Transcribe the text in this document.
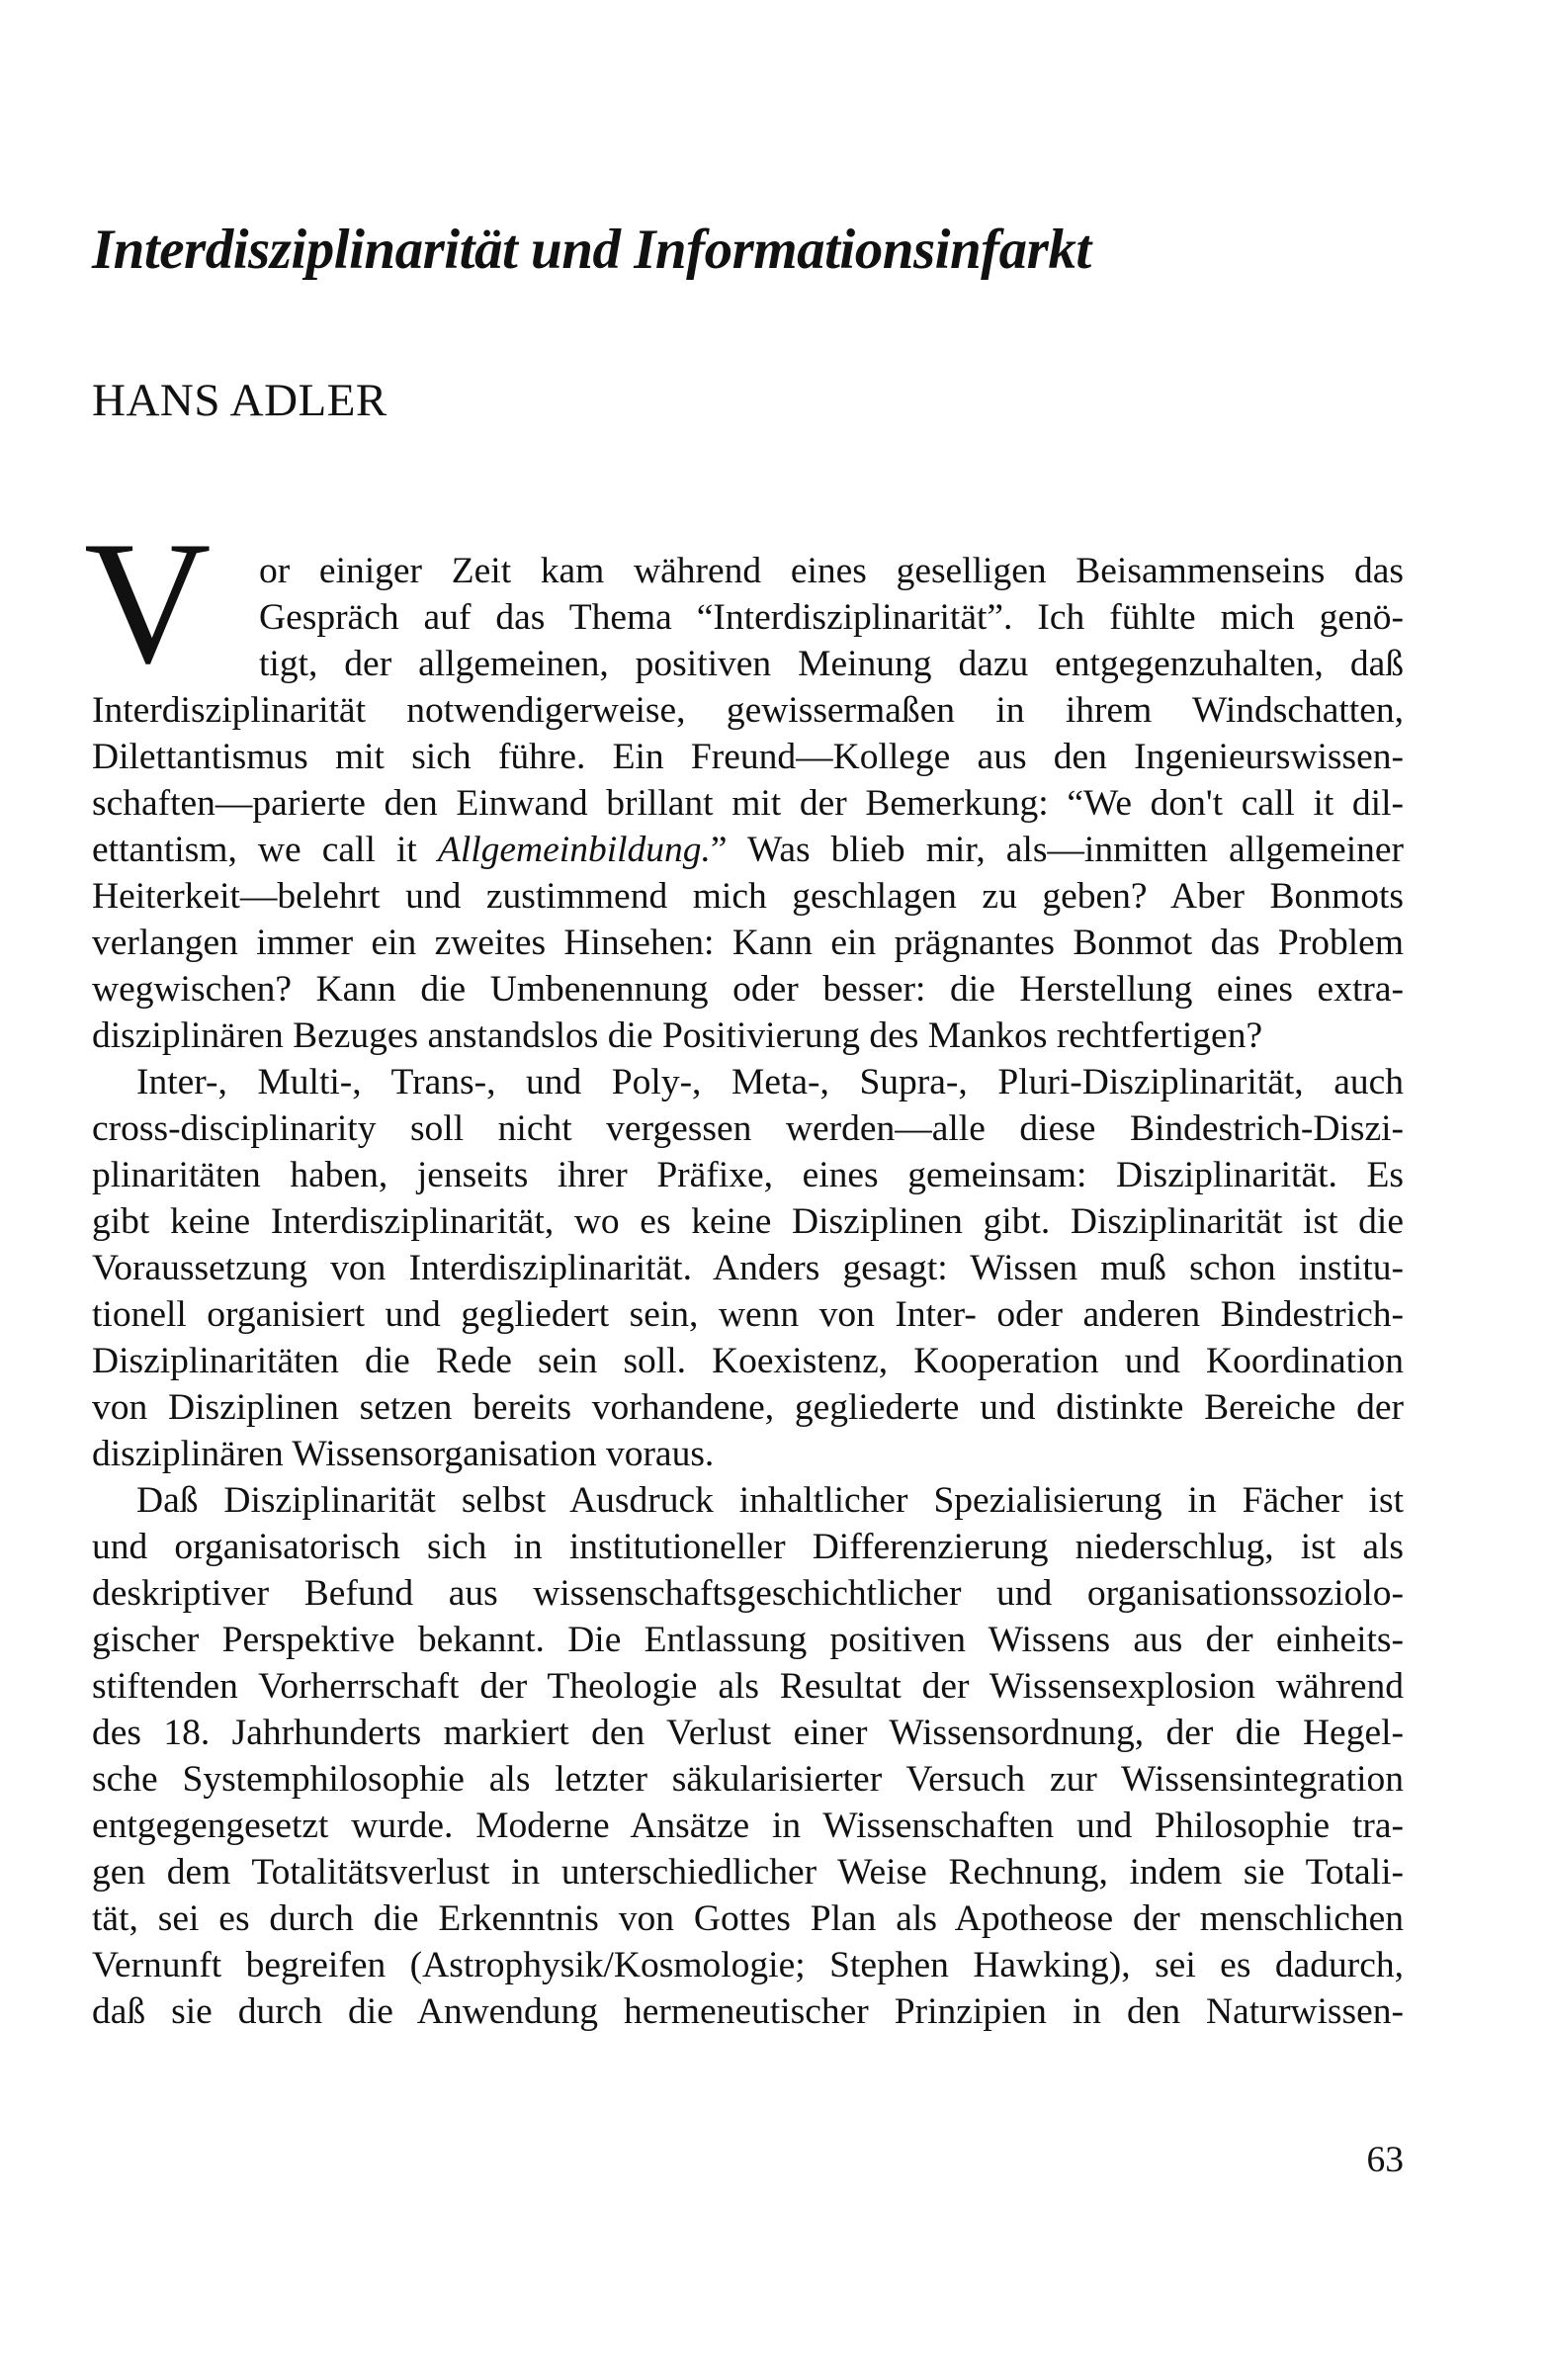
Interdisziplinarität und Informationsinfarkt
HANS ADLER
V or einiger Zeit kam während eines geselligen Beisammenseins das
Gespräch auf das Thema “Interdisziplinarität”. Ich fühlte mich genö-
tigt, der allgemeinen, positiven Meinung dazu entgegenzuhalten, daß
Interdisziplinarität notwendigerweise, gewissermaßen in ihrem Windschatten,
Dilettantismus mit sich führe. Ein Freund—Kollege aus den Ingenieurswissen-
schaften—parierte den Einwand brillant mit der Bemerkung: “We don't call it dil-
ettantism, we call it Allgemeinbildung.” Was blieb mir, als—inmitten allgemeiner
Heiterkeit—belehrt und zustimmend mich geschlagen zu geben? Aber Bonmots
verlangen immer ein zweites Hinsehen: Kann ein prägnantes Bonmot das Problem
wegwischen? Kann die Umbenennung oder besser: die Herstellung eines extra-
disziplinären Bezuges anstandslos die Positivierung des Mankos rechtfertigen?
Inter-, Multi-, Trans-, und Poly-, Meta-, Supra-, Pluri-Disziplinarität, auch
cross-disciplinarity soll nicht vergessen werden—alle diese Bindestrich-Diszi-
plinaritäten haben, jenseits ihrer Präfixe, eines gemeinsam: Disziplinarität. Es
gibt keine Interdisziplinarität, wo es keine Disziplinen gibt. Disziplinarität ist die
Voraussetzung von Interdisziplinarität. Anders gesagt: Wissen muß schon institu-
tionell organisiert und gegliedert sein, wenn von Inter- oder anderen Bindestrich-
Disziplinaritäten die Rede sein soll. Koexistenz, Kooperation und Koordination
von Disziplinen setzen bereits vorhandene, gegliederte und distinkte Bereiche der
disziplinären Wissensorganisation voraus.
Daß Disziplinarität selbst Ausdruck inhaltlicher Spezialisierung in Fächer ist
und organisatorisch sich in institutioneller Differenzierung niederschlug, ist als
deskriptiver Befund aus wissenschaftsgeschichtlicher und organisationssoziolo-
gischer Perspektive bekannt. Die Entlassung positiven Wissens aus der einheits-
stiftenden Vorherrschaft der Theologie als Resultat der Wissensexplosion während
des 18. Jahrhunderts markiert den Verlust einer Wissensordnung, der die Hegel-
sche Systemphilosophie als letzter säkularisierter Versuch zur Wissensintegration
entgegengesetzt wurde. Moderne Ansätze in Wissenschaften und Philosophie tra-
gen dem Totalitätsverlust in unterschiedlicher Weise Rechnung, indem sie Totali-
tät, sei es durch die Erkenntnis von Gottes Plan als Apotheose der menschlichen
Vernunft begreifen (Astrophysik/Kosmologie; Stephen Hawking), sei es dadurch,
daß sie durch die Anwendung hermeneutischer Prinzipien in den Naturwissen-
63
